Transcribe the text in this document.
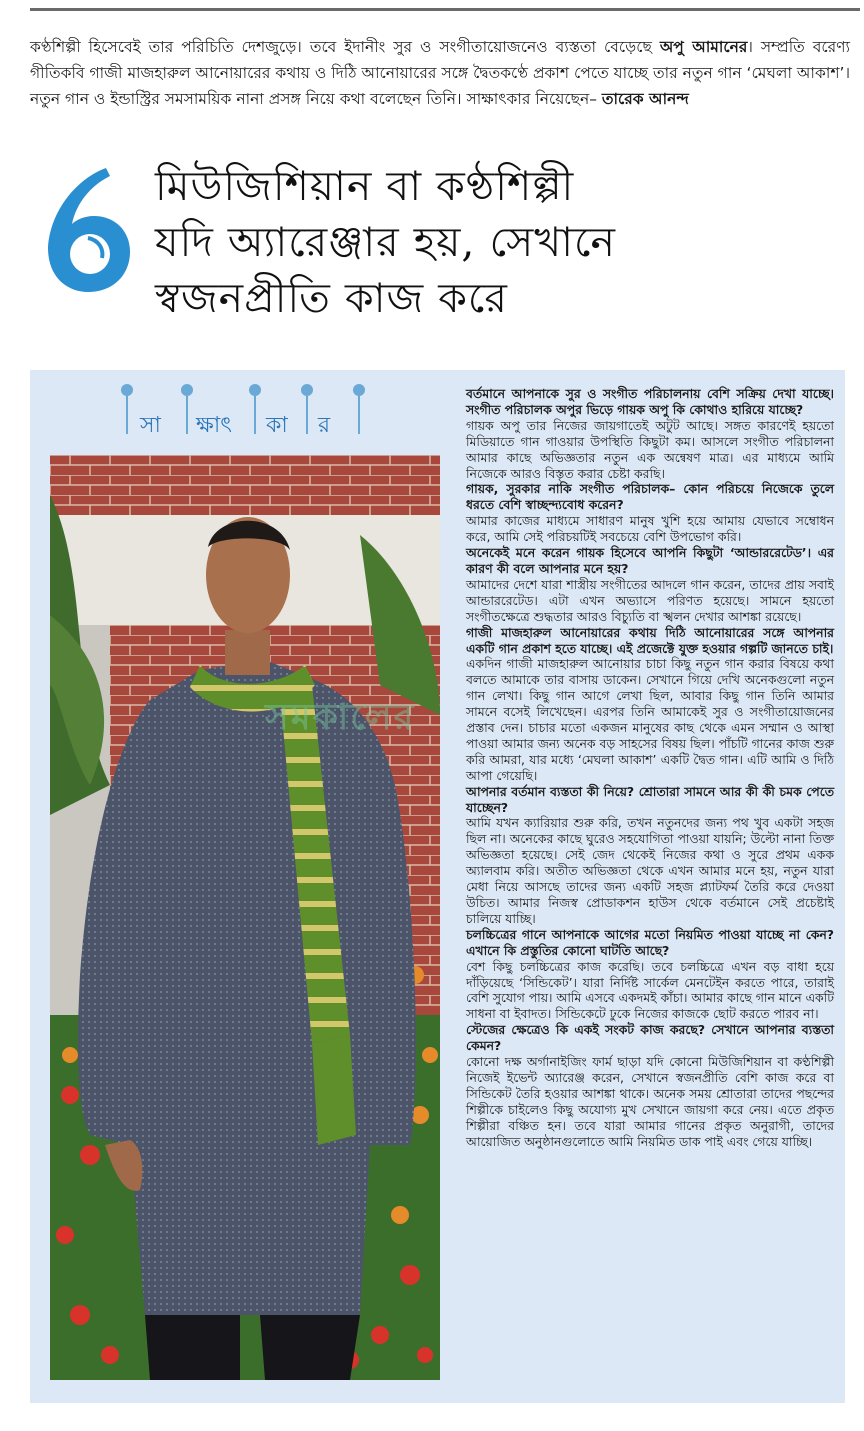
কণ্ঠশিল্পী হিসেবেই তার পরিচিতি দেশজুড়ে। তবে ইদানীং সুর ও সংগীতায়োজনেও ব্যস্ততা বেড়েছে অপু আমানের। সম্প্রতি বরেণ্য গীতিকবি গাজী মাজহারুল আনোয়ারের কথায় ও দিঠি আনোয়ারের সঙ্গে দ্বৈতকণ্ঠে প্রকাশ পেতে যাচ্ছে তার নতুন গান ‘মেঘলা আকাশ’। নতুন গান ও ইন্ডাস্ট্রির সমসাময়িক নানা প্রসঙ্গ নিয়ে কথা বলেছেন তিনি। সাক্ষাৎকার নিয়েছেন– তারেক আনন্দ
মিউজিশিয়ান বা কণ্ঠশিল্পী
যদি অ্যারেঞ্জার হয়, সেখানে
স্বজনপ্রীতি কাজ করে
সা ক্ষাৎ কা র
সমকালের

বর্তমানে আপনাকে সুর ও সংগীত পরিচালনায় বেশি সক্রিয় দেখা যাচ্ছে। সংগীত পরিচালক অপুর ভিড়ে গায়ক অপু কি কোথাও হারিয়ে যাচ্ছে?

গায়ক অপু তার নিজের জায়গাতেই অটুট আছে। সঙ্গত কারণেই হয়তো মিডিয়াতে গান গাওয়ার উপস্থিতি কিছুটা কম। আসলে সংগীত পরিচালনা আমার কাছে অভিজ্ঞতার নতুন এক অন্বেষণ মাত্র। এর মাধ্যমে আমি নিজেকে আরও বিস্তৃত করার চেষ্টা করছি।

গায়ক, সুরকার নাকি সংগীত পরিচালক– কোন পরিচয়ে নিজেকে তুলে ধরতে বেশি স্বাচ্ছন্দ্যবোধ করেন?

আমার কাজের মাধ্যমে সাধারণ মানুষ খুশি হয়ে আমায় যেভাবে সম্বোধন করে, আমি সেই পরিচয়টিই সবচেয়ে বেশি উপভোগ করি।

অনেকেই মনে করেন গায়ক হিসেবে আপনি কিছুটা ‘আন্ডাররেটেড’। এর কারণ কী বলে আপনার মনে হয়?

আমাদের দেশে যারা শাস্ত্রীয় সংগীতের আদলে গান করেন, তাদের প্রায় সবাই আন্ডাররেটেড। এটা এখন অভ্যাসে পরিণত হয়েছে। সামনে হয়তো সংগীতক্ষেত্রে শুদ্ধতার আরও বিচ্যুতি বা স্খলন দেখার আশঙ্কা রয়েছে।

গাজী মাজহারুল আনোয়ারের কথায় দিঠি আনোয়ারের সঙ্গে আপনার একটি গান প্রকাশ হতে যাচ্ছে। এই প্রজেক্টে যুক্ত হওয়ার গল্পটি জানতে চাই।

একদিন গাজী মাজহারুল আনোয়ার চাচা কিছু নতুন গান করার বিষয়ে কথা বলতে আমাকে তার বাসায় ডাকেন। সেখানে গিয়ে দেখি অনেকগুলো নতুন গান লেখা। কিছু গান আগে লেখা ছিল, আবার কিছু গান তিনি আমার সামনে বসেই লিখেছেন। এরপর তিনি আমাকেই সুর ও সংগীতায়োজনের প্রস্তাব দেন। চাচার মতো একজন মানুষের কাছ থেকে এমন সম্মান ও আস্থা পাওয়া আমার জন্য অনেক বড় সাহসের বিষয় ছিল। পাঁচটি গানের কাজ শুরু করি আমরা, যার মধ্যে ‘মেঘলা আকাশ’ একটি দ্বৈত গান। এটি আমি ও দিঠি আপা গেয়েছি।

আপনার বর্তমান ব্যস্ততা কী নিয়ে? শ্রোতারা সামনে আর কী কী চমক পেতে যাচ্ছেন?

আমি যখন ক্যারিয়ার শুরু করি, তখন নতুনদের জন্য পথ খুব একটা সহজ ছিল না। অনেকের কাছে ঘুরেও সহযোগিতা পাওয়া যায়নি; উল্টো নানা তিক্ত অভিজ্ঞতা হয়েছে। সেই জেদ থেকেই নিজের কথা ও সুরে প্রথম একক অ্যালবাম করি। অতীত অভিজ্ঞতা থেকে এখন আমার মনে হয়, নতুন যারা মেধা নিয়ে আসছে তাদের জন্য একটি সহজ প্ল্যাটফর্ম তৈরি করে দেওয়া উচিত। আমার নিজস্ব প্রোডাকশন হাউস থেকে বর্তমানে সেই প্রচেষ্টাই চালিয়ে যাচ্ছি।

চলচ্চিত্রের গানে আপনাকে আগের মতো নিয়মিত পাওয়া যাচ্ছে না কেন? এখানে কি প্রস্তুতির কোনো ঘাটতি আছে?

বেশ কিছু চলচ্চিত্রের কাজ করেছি। তবে চলচ্চিত্রে এখন বড় বাধা হয়ে দাঁড়িয়েছে ‘সিন্ডিকেট’। যারা নির্দিষ্ট সার্কেল মেনটেইন করতে পারে, তারাই বেশি সুযোগ পায়। আমি এসবে একদমই কাঁচা। আমার কাছে গান মানে একটি সাধনা বা ইবাদত। সিন্ডিকেটে ঢুকে নিজের কাজকে ছোট করতে পারব না।

স্টেজের ক্ষেত্রেও কি একই সংকট কাজ করছে? সেখানে আপনার ব্যস্ততা কেমন?

কোনো দক্ষ অর্গানাইজিং ফার্ম ছাড়া যদি কোনো মিউজিশিয়ান বা কণ্ঠশিল্পী নিজেই ইভেন্ট অ্যারেঞ্জ করেন, সেখানে স্বজনপ্রীতি বেশি কাজ করে বা সিন্ডিকেট তৈরি হওয়ার আশঙ্কা থাকে। অনেক সময় শ্রোতারা তাদের পছন্দের শিল্পীকে চাইলেও কিছু অযোগ্য মুখ সেখানে জায়গা করে নেয়। এতে প্রকৃত শিল্পীরা বঞ্চিত হন। তবে যারা আমার গানের প্রকৃত অনুরাগী, তাদের আয়োজিত অনুষ্ঠানগুলোতে আমি নিয়মিত ডাক পাই এবং গেয়ে যাচ্ছি।
